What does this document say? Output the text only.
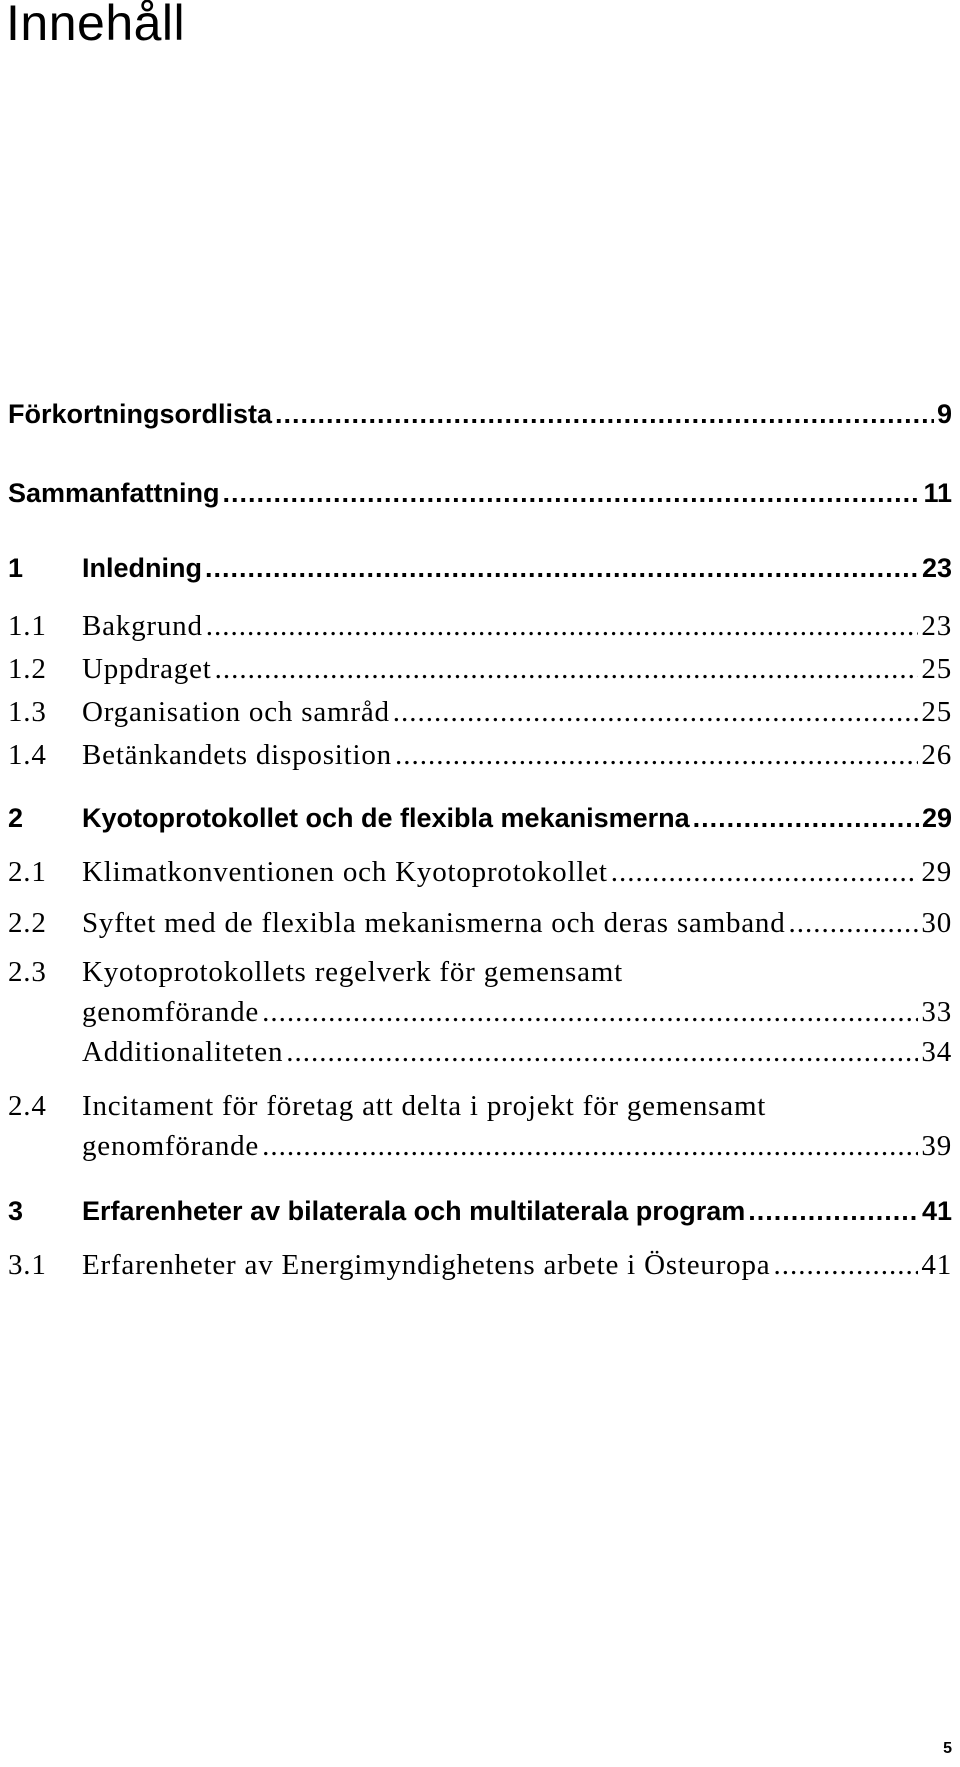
Innehåll
Förkortningsordlista .....	9
Sammanfattning .....	11
1 Inledning .....	23
1.1 Bakgrund .....	23
1.2 Uppdraget .....	25
1.3 Organisation och samråd .....	25
1.4 Betänkandets disposition .....	26
2 Kyotoprotokollet och de flexibla mekanismerna .....	29
2.1 Klimatkonventionen och Kyotoprotokollet .....	29
2.2 Syftet med de flexibla mekanismerna och deras samband .....	30
2.3 Kyotoprotokollets regelverk för gemensamt
genomförande .....	33
Additionaliteten .....	34
2.4 Incitament för företag att delta i projekt för gemensamt
genomförande .....	39
3 Erfarenheter av bilaterala och multilaterala program .....	41
3.1 Erfarenheter av Energimyndighetens arbete i Östeuropa .....	41
5
